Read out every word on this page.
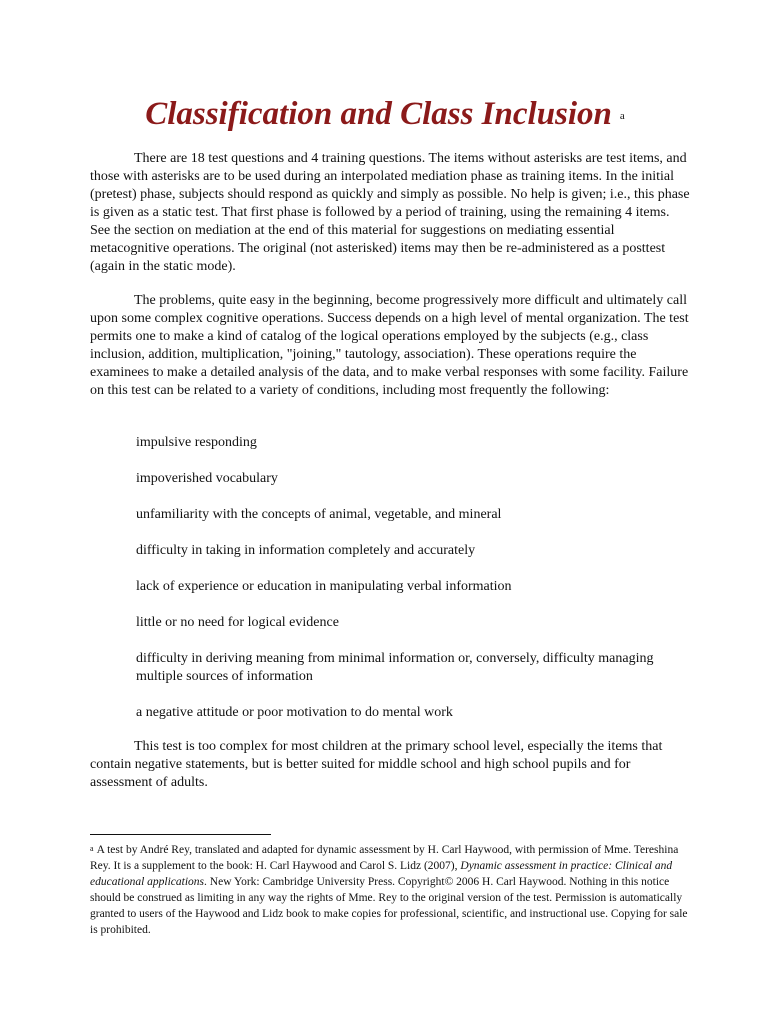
Classification and Class Inclusion $^a$

There are 18 test questions and 4 training questions. The items without asterisks are test items, and those with asterisks are to be used during an interpolated mediation phase as training items. In the initial (pretest) phase, subjects should respond as quickly and simply as possible. No help is given; i.e., this phase is given as a static test. That first phase is followed by a period of training, using the remaining 4 items. See the section on mediation at the end of this material for suggestions on mediating essential metacognitive operations. The original (not asterisked) items may then be re-administered as a posttest (again in the static mode).

The problems, quite easy in the beginning, become progressively more difficult and ultimately call upon some complex cognitive operations. Success depends on a high level of mental organization. The test permits one to make a kind of catalog of the logical operations employed by the subjects (e.g., class inclusion, addition, multiplication, "joining," tautology, association). These operations require the examinees to make a detailed analysis of the data, and to make verbal responses with some facility. Failure on this test can be related to a variety of conditions, including most frequently the following:

impulsive responding
impoverished vocabulary
unfamiliarity with the concepts of animal, vegetable, and mineral
difficulty in taking in information completely and accurately
lack of experience or education in manipulating verbal information
little or no need for logical evidence
difficulty in deriving meaning from minimal information or, conversely, difficulty managing multiple sources of information
a negative attitude or poor motivation to do mental work

This test is too complex for most children at the primary school level, especially the items that contain negative statements, but is better suited for middle school and high school pupils and for assessment of adults.

$^a$ A test by André Rey, translated and adapted for dynamic assessment by H. Carl Haywood, with permission of Mme. Tereshina Rey. It is a supplement to the book: H. Carl Haywood and Carol S. Lidz (2007), Dynamic assessment in practice: Clinical and educational applications. New York: Cambridge University Press. Copyright© 2006 H. Carl Haywood. Nothing in this notice should be construed as limiting in any way the rights of Mme. Rey to the original version of the test. Permission is automatically granted to users of the Haywood and Lidz book to make copies for professional, scientific, and instructional use. Copying for sale is prohibited.
